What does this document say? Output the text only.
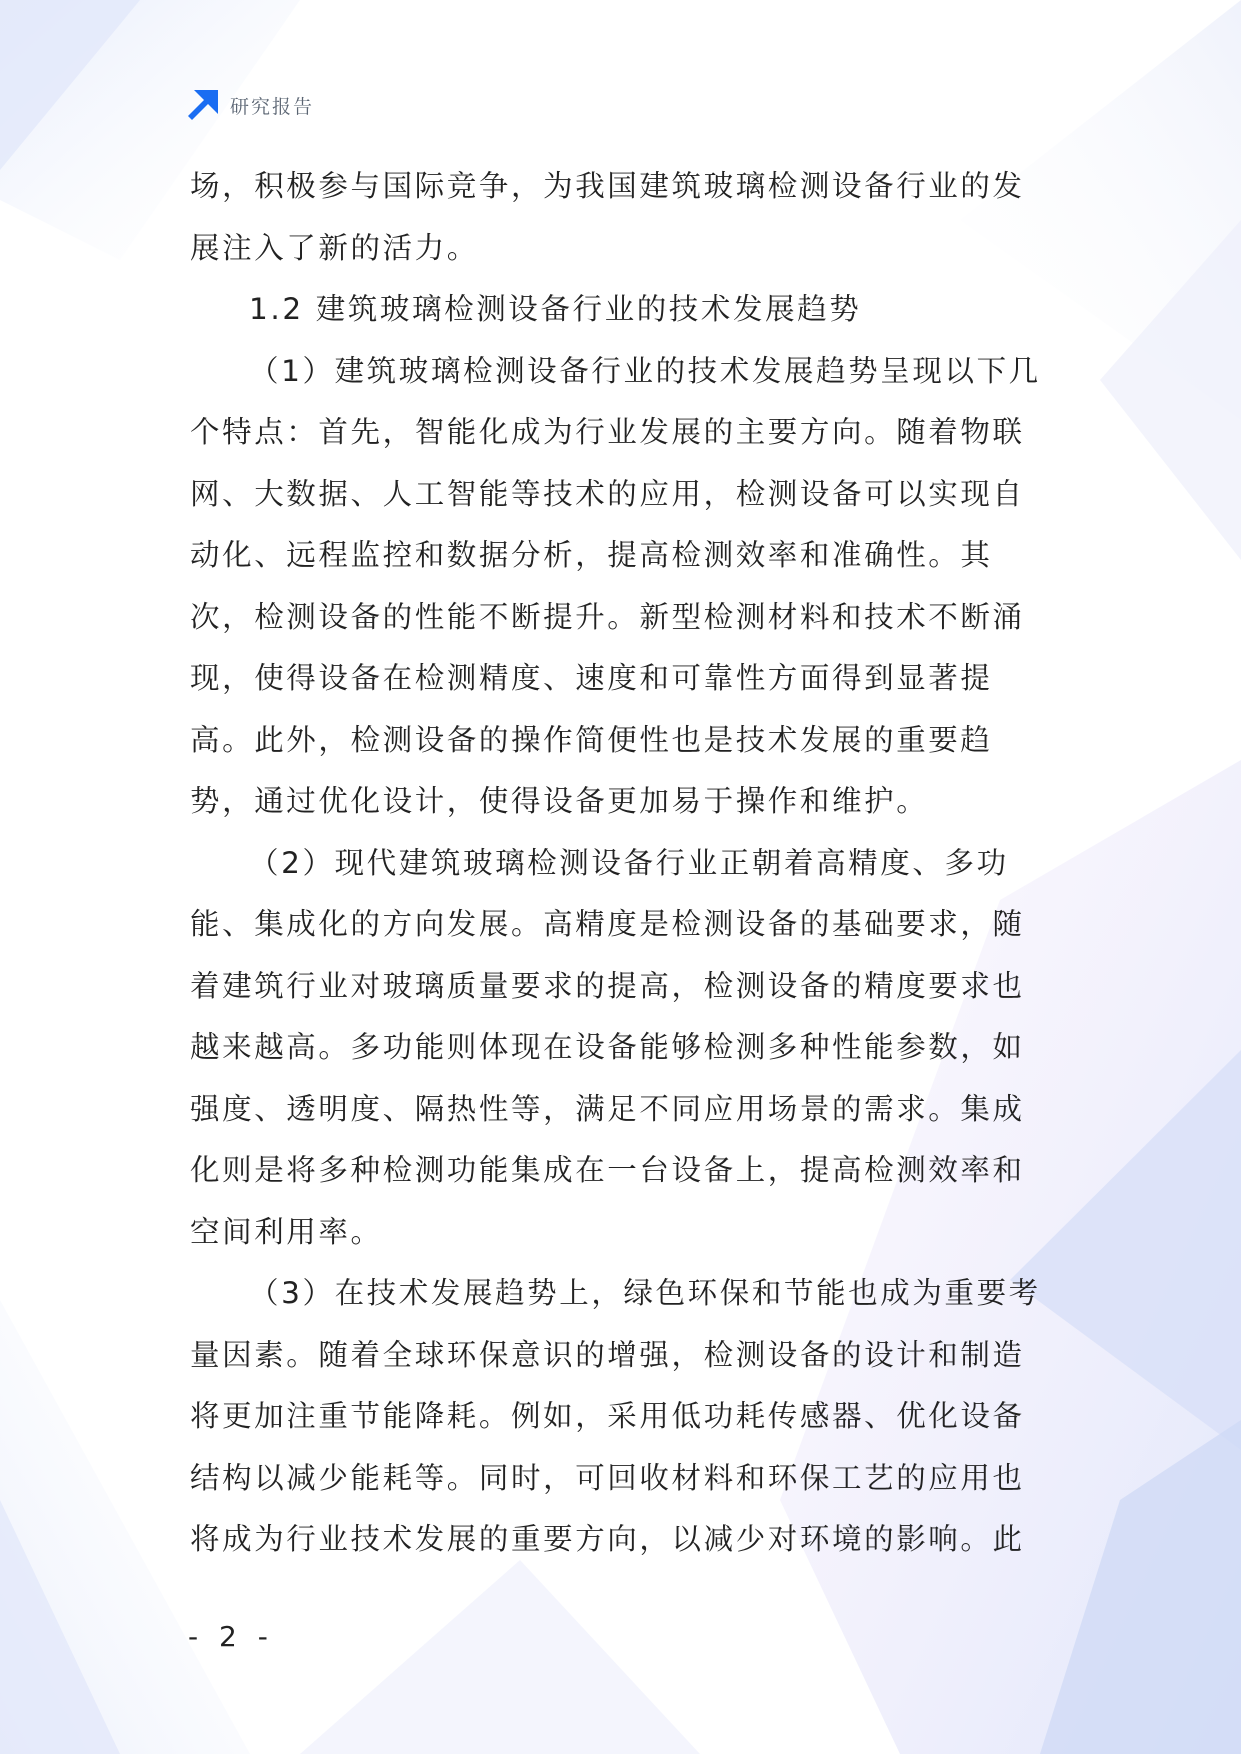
研究报告

场，积极参与国际竞争，为我国建筑玻璃检测设备行业的发展注入了新的活力。

1.2 建筑玻璃检测设备行业的技术发展趋势

（1）建筑玻璃检测设备行业的技术发展趋势呈现以下几个特点：首先，智能化成为行业发展的主要方向。随着物联网、大数据、人工智能等技术的应用，检测设备可以实现自动化、远程监控和数据分析，提高检测效率和准确性。其次，检测设备的性能不断提升。新型检测材料和技术不断涌现，使得设备在检测精度、速度和可靠性方面得到显著提高。此外，检测设备的操作简便性也是技术发展的重要趋势，通过优化设计，使得设备更加易于操作和维护。

（2）现代建筑玻璃检测设备行业正朝着高精度、多功能、集成化的方向发展。高精度是检测设备的基础要求，随着建筑行业对玻璃质量要求的提高，检测设备的精度要求也越来越高。多功能则体现在设备能够检测多种性能参数，如强度、透明度、隔热性等，满足不同应用场景的需求。集成化则是将多种检测功能集成在一台设备上，提高检测效率和空间利用率。

（3）在技术发展趋势上，绿色环保和节能也成为重要考量因素。随着全球环保意识的增强，检测设备的设计和制造将更加注重节能降耗。例如，采用低功耗传感器、优化设备结构以减少能耗等。同时，可回收材料和环保工艺的应用也将成为行业技术发展的重要方向，以减少对环境的影响。此

- 2 -
